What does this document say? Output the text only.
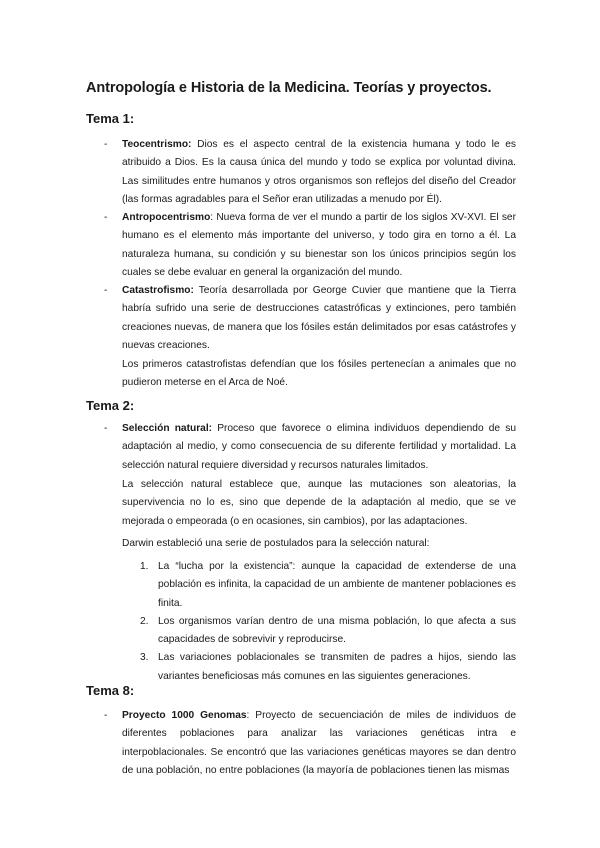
Antropología e Historia de la Medicina. Teorías y proyectos.
Tema 1:
- Teocentrismo: Dios es el aspecto central de la existencia humana y todo le es atribuido a Dios. Es la causa única del mundo y todo se explica por voluntad divina. Las similitudes entre humanos y otros organismos son reflejos del diseño del Creador (las formas agradables para el Señor eran utilizadas a menudo por Él).
- Antropocentrismo: Nueva forma de ver el mundo a partir de los siglos XV-XVI. El ser humano es el elemento más importante del universo, y todo gira en torno a él. La naturaleza humana, su condición y su bienestar son los únicos principios según los cuales se debe evaluar en general la organización del mundo.
- Catastrofismo: Teoría desarrollada por George Cuvier que mantiene que la Tierra habría sufrido una serie de destrucciones catastróficas y extinciones, pero también creaciones nuevas, de manera que los fósiles están delimitados por esas catástrofes y nuevas creaciones.
Los primeros catastrofistas defendían que los fósiles pertenecían a animales que no pudieron meterse en el Arca de Noé.
Tema 2:
- Selección natural: Proceso que favorece o elimina individuos dependiendo de su adaptación al medio, y como consecuencia de su diferente fertilidad y mortalidad. La selección natural requiere diversidad y recursos naturales limitados.
La selección natural establece que, aunque las mutaciones son aleatorias, la supervivencia no lo es, sino que depende de la adaptación al medio, que se ve mejorada o empeorada (o en ocasiones, sin cambios), por las adaptaciones.
Darwin estableció una serie de postulados para la selección natural:
1. La “lucha por la existencia”: aunque la capacidad de extenderse de una población es infinita, la capacidad de un ambiente de mantener poblaciones es finita.
2. Los organismos varían dentro de una misma población, lo que afecta a sus capacidades de sobrevivir y reproducirse.
3. Las variaciones poblacionales se transmiten de padres a hijos, siendo las variantes beneficiosas más comunes en las siguientes generaciones.
Tema 8:
- Proyecto 1000 Genomas: Proyecto de secuenciación de miles de individuos de diferentes poblaciones para analizar las variaciones genéticas intra e interpoblacionales. Se encontró que las variaciones genéticas mayores se dan dentro de una población, no entre poblaciones (la mayoría de poblaciones tienen las mismas
